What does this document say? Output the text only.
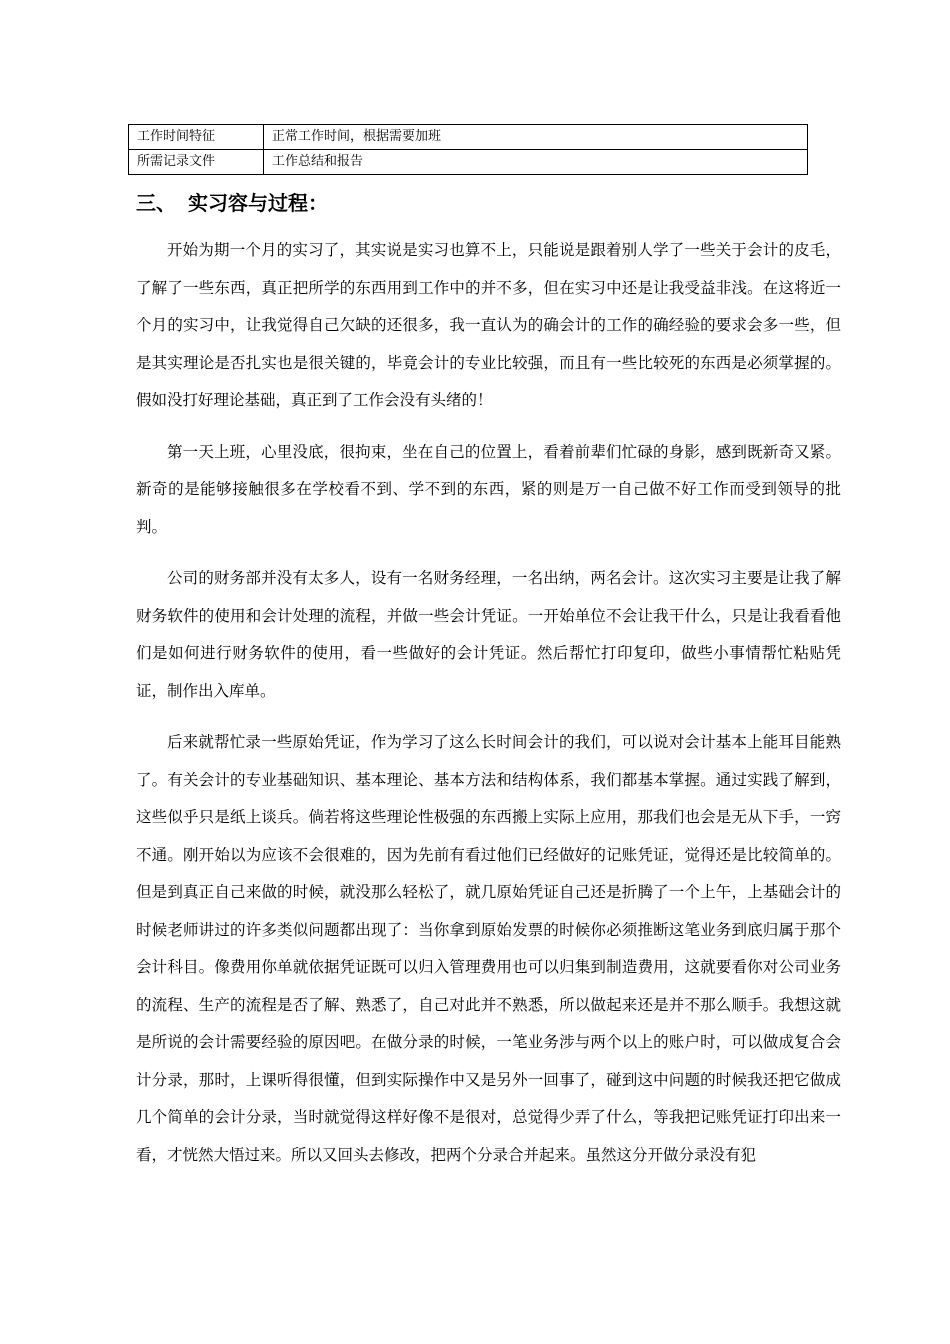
工作时间特征	正常工作时间，根据需要加班
所需记录文件	工作总结和报告
三、 实习容与过程：

开始为期一个月的实习了，其实说是实习也算不上，只能说是跟着别人学了一些关于会计的皮毛，了解了一些东西，真正把所学的东西用到工作中的并不多，但在实习中还是让我受益非浅。在这将近一个月的实习中，让我觉得自己欠缺的还很多，我一直认为的确会计的工作的确经验的要求会多一些，但是其实理论是否扎实也是很关键的，毕竟会计的专业比较强，而且有一些比较死的东西是必须掌握的。假如没打好理论基础，真正到了工作会没有头绪的！

第一天上班，心里没底，很拘束，坐在自己的位置上，看着前辈们忙碌的身影，感到既新奇又紧。新奇的是能够接触很多在学校看不到、学不到的东西，紧的则是万一自己做不好工作而受到领导的批判。

公司的财务部并没有太多人，设有一名财务经理，一名出纳，两名会计。这次实习主要是让我了解财务软件的使用和会计处理的流程，并做一些会计凭证。一开始单位不会让我干什么，只是让我看看他们是如何进行财务软件的使用，看一些做好的会计凭证。然后帮忙打印复印，做些小事情帮忙粘贴凭证，制作出入库单。

后来就帮忙录一些原始凭证，作为学习了这么长时间会计的我们，可以说对会计基本上能耳目能熟了。有关会计的专业基础知识、基本理论、基本方法和结构体系，我们都基本掌握。通过实践了解到，这些似乎只是纸上谈兵。倘若将这些理论性极强的东西搬上实际上应用，那我们也会是无从下手，一窍不通。刚开始以为应该不会很难的，因为先前有看过他们已经做好的记账凭证，觉得还是比较简单的。但是到真正自己来做的时候，就没那么轻松了，就几原始凭证自己还是折腾了一个上午，上基础会计的时候老师讲过的许多类似问题都出现了：当你拿到原始发票的时候你必须推断这笔业务到底归属于那个会计科目。像费用你单就依据凭证既可以归入管理费用也可以归集到制造费用，这就要看你对公司业务的流程、生产的流程是否了解、熟悉了，自己对此并不熟悉，所以做起来还是并不那么顺手。我想这就是所说的会计需要经验的原因吧。在做分录的时候，一笔业务涉与两个以上的账户时，可以做成复合会计分录，那时，上课听得很懂，但到实际操作中又是另外一回事了，碰到这中问题的时候我还把它做成几个简单的会计分录，当时就觉得这样好像不是很对，总觉得少弄了什么，等我把记账凭证打印出来一看，才恍然大悟过来。所以又回头去修改，把两个分录合并起来。虽然这分开做分录没有犯
